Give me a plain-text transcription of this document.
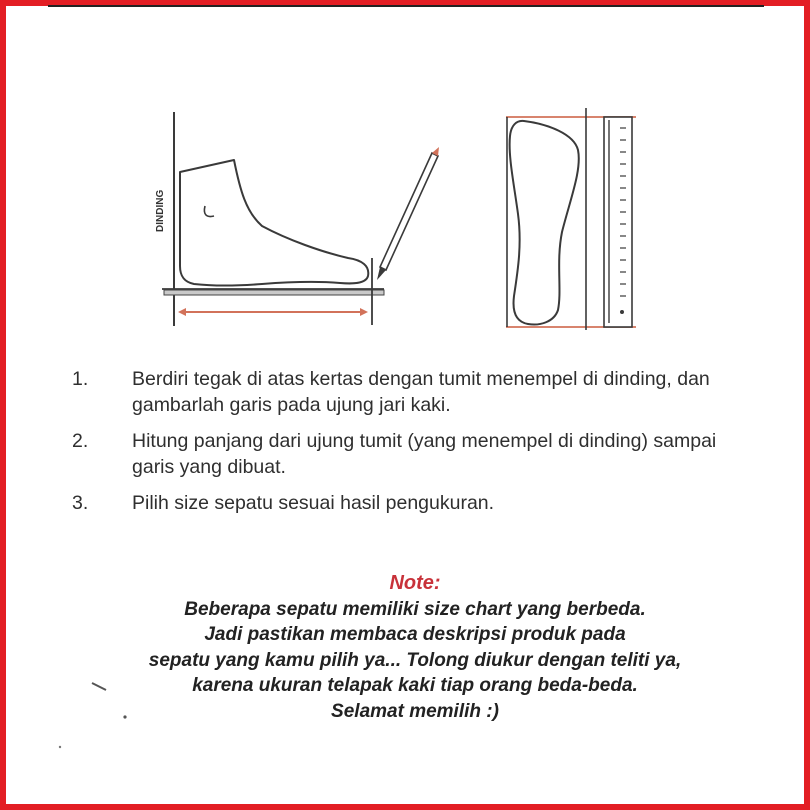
DINDING
1.	Berdiri tegak di atas kertas dengan tumit menempel di dinding, dan gambarlah garis pada ujung jari kaki.
2.	Hitung panjang dari ujung tumit (yang menempel di dinding) sampai garis yang dibuat.
3.	Pilih size sepatu sesuai hasil pengukuran.
Note:
Beberapa sepatu memiliki size chart yang berbeda.
Jadi pastikan membaca deskripsi produk pada
sepatu yang kamu pilih ya... Tolong diukur dengan teliti ya,
karena ukuran telapak kaki tiap orang beda-beda.
Selamat memilih :)
